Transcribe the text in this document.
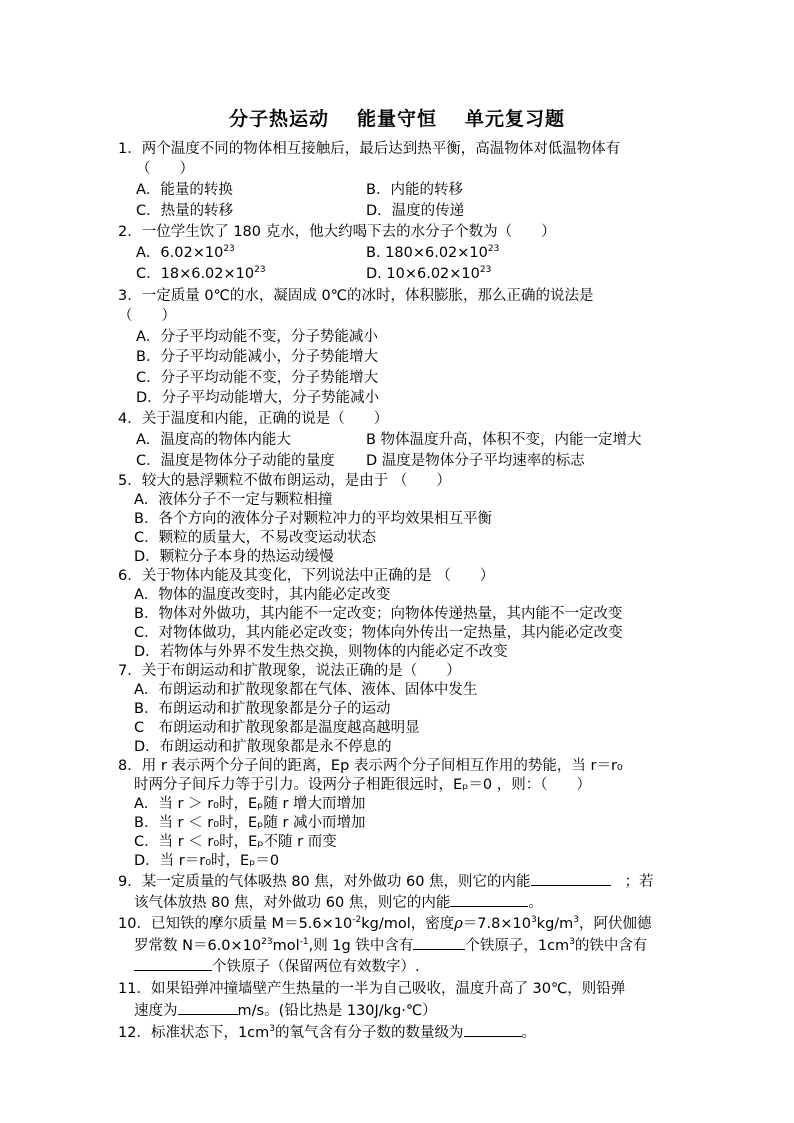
分子热运动 能量守恒 单元复习题
1．两个温度不同的物体相互接触后，最后达到热平衡，高温物体对低温物体有
（　　）
A．能量的转换	B．内能的转移
C．热量的转移	D．温度的传递
2．一位学生饮了 180 克水，他大约喝下去的水分子个数为（　　）
A．$6.02\times 10^{23}$	B. $180\times 6.02\times 10^{23}$
C．$18\times 6.02\times 10^{23}$	D. $10\times 6.02\times 10^{23}$
3．一定质量 0℃的水，凝固成 0℃的冰时，体积膨胀，那么正确的说法是
（　　）
A．分子平均动能不变，分子势能减小
B．分子平均动能减小，分子势能增大
C．分子平均动能不变，分子势能增大
D．分子平均动能增大，分子势能减小
4．关于温度和内能，正确的说是（　　）
A．温度高的物体内能大	B 物体温度升高，体积不变，内能一定增大
C．温度是物体分子动能的量度 D 温度是物体分子平均速率的标志
5．较大的悬浮颗粒不做布朗运动，是由于 （　　）
A．液体分子不一定与颗粒相撞
B．各个方向的液体分子对颗粒冲力的平均效果相互平衡
C．颗粒的质量大，不易改变运动状态
D．颗粒分子本身的热运动缓慢
6．关于物体内能及其变化，下列说法中正确的是 （　　）
A．物体的温度改变时，其内能必定改变
B．物体对外做功，其内能不一定改变；向物体传递热量，其内能不一定改变
C．对物体做功，其内能必定改变；物体向外传出一定热量，其内能必定改变
D．若物体与外界不发生热交换，则物体的内能必定不改变
7．关于布朗运动和扩散现象，说法正确的是（　　）
A．布朗运动和扩散现象都在气体、液体、固体中发生
B．布朗运动和扩散现象都是分子的运动
C　布朗运动和扩散现象都是温度越高越明显
D．布朗运动和扩散现象都是永不停息的
8．用 r 表示两个分子间的距离，Ep 表示两个分子间相互作用的势能，当 r＝r₀
时两分子间斥力等于引力。设两分子相距很远时，Eₚ＝0 ，则：（　　）
A．当 r ＞ r₀时，Eₚ随 r 增大而增加
B．当 r ＜ r₀时，Eₚ随 r 减小而增加
C．当 r ＜ r₀时，Eₚ不随 r 而变
D．当 r＝r₀时，Eₚ＝0
9．某一定质量的气体吸热 80 焦，对外做功 60 焦，则它的内能	；若
该气体放热 80 焦，对外做功 60 焦，则它的内能	。
10．已知铁的摩尔质量 $M=5.6\times 10^{-2}kg$/mol，密度$\rho=7.8\times 10^3kg/m^3$，阿伏伽德
罗常数 $N=6.0\times 10^{23}mol^{-1}$,则 1g 铁中含有	个铁原子，$1cm^3$的铁中含有
个铁原子（保留两位有效数字）.
11．如果铅弹冲撞墙壁产生热量的一半为自己吸收，温度升高了 30℃，则铅弹
速度为	m/s。(铅比热是 130J/kg·℃）
12．标准状态下，$1cm^3$的氧气含有分子数的数量级为	。
